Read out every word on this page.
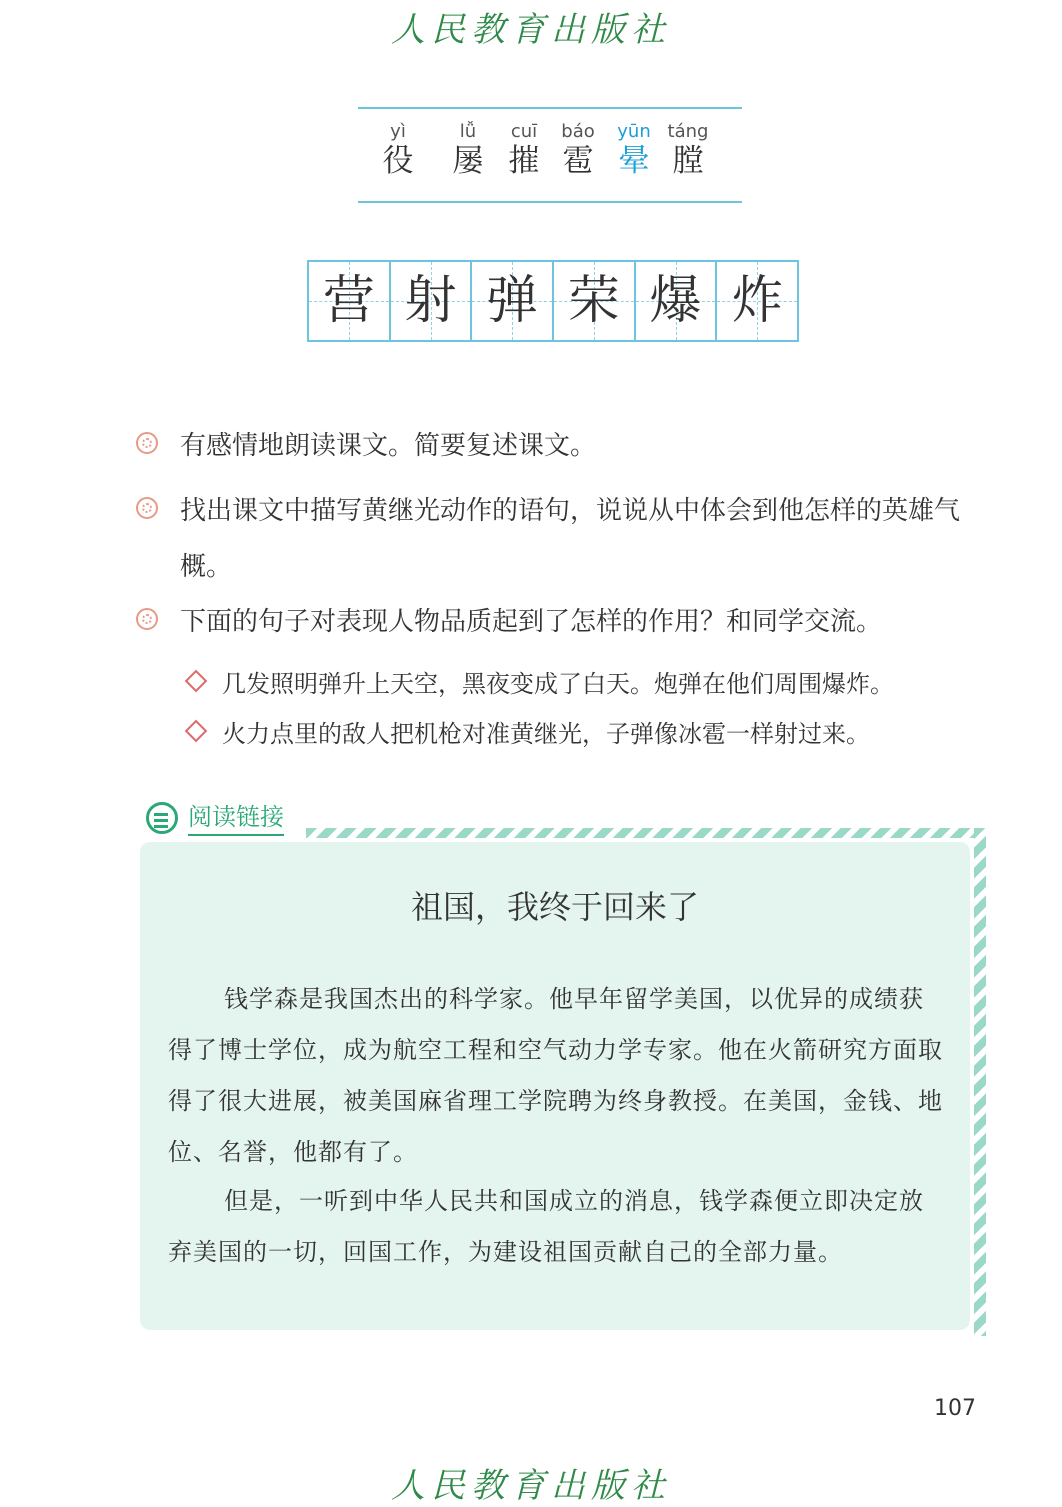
人民教育出版社
yì
役
lǚ
屡
cuī
摧
báo
雹
yūn
晕
táng
膛
营 射 弹 荣 爆 炸
有感情地朗读课文。简要复述课文。
找出课文中描写黄继光动作的语句，说说从中体会到他怎样的英雄气概。
下面的句子对表现人物品质起到了怎样的作用？和同学交流。
几发照明弹升上天空，黑夜变成了白天。炮弹在他们周围爆炸。
火力点里的敌人把机枪对准黄继光，子弹像冰雹一样射过来。
阅读链接
祖国，我终于回来了
钱学森是我国杰出的科学家。他早年留学美国，以优异的成绩获得了博士学位，成为航空工程和空气动力学专家。他在火箭研究方面取得了很大进展，被美国麻省理工学院聘为终身教授。在美国，金钱、地位、名誉，他都有了。
但是，一听到中华人民共和国成立的消息，钱学森便立即决定放弃美国的一切，回国工作，为建设祖国贡献自己的全部力量。
107
人民教育出版社
